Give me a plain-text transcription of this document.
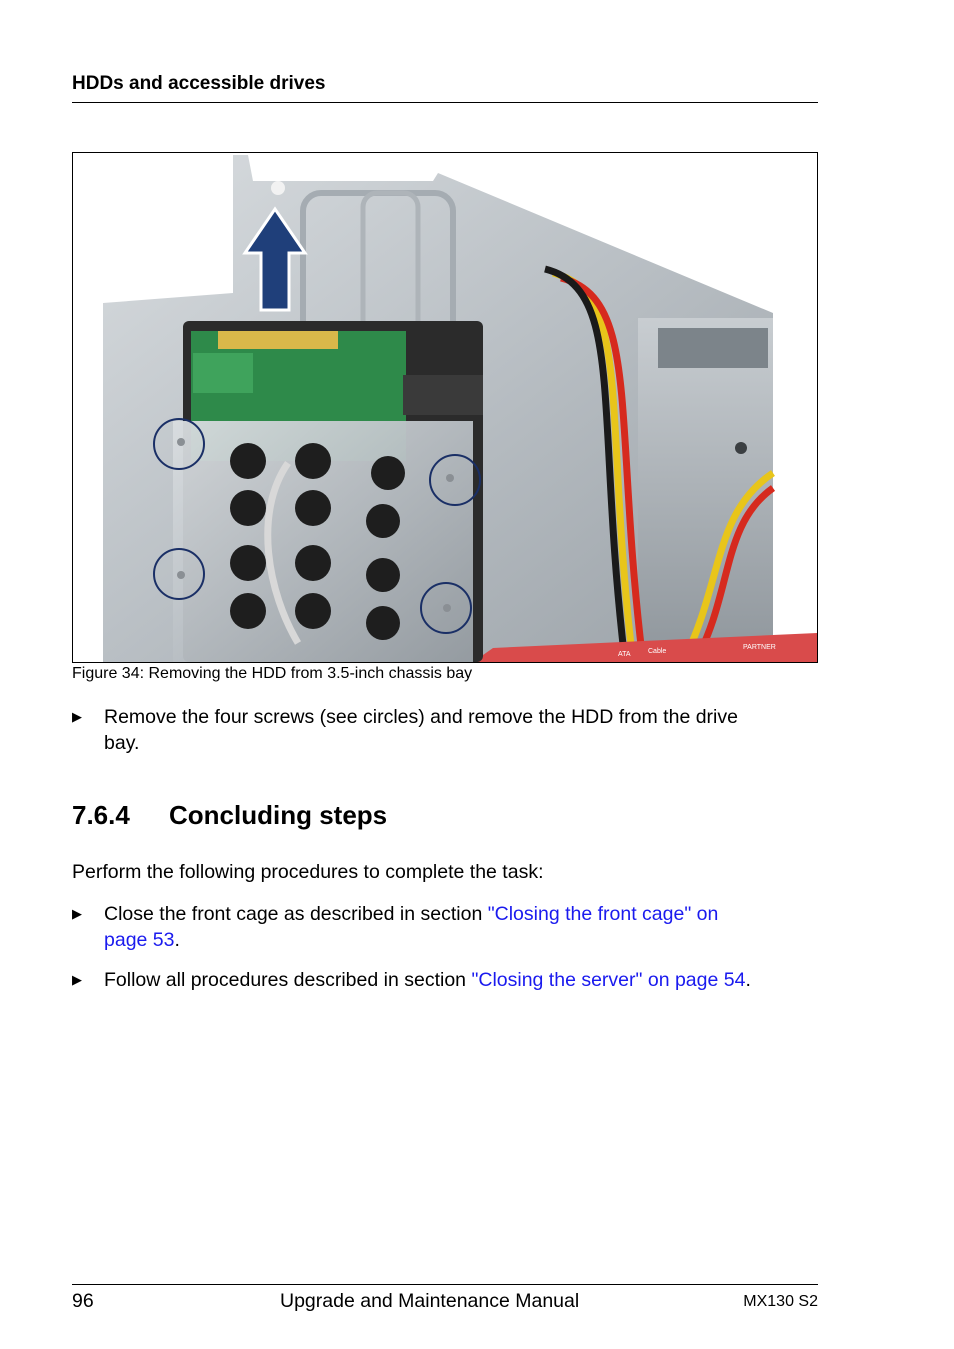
HDDs and accessible drives
ATA Cable
PARTNER
Figure 34: Removing the HDD from 3.5-inch chassis bay
▶ Remove the four screws (see circles) and remove the HDD from the drive
bay.
7.6.4 Concluding steps
Perform the following procedures to complete the task:
▶ Close the front cage as described in section "Closing the front cage" on
page 53.
▶ Follow all procedures described in section "Closing the server" on page 54.
96	Upgrade and Maintenance Manual	MX130 S2
